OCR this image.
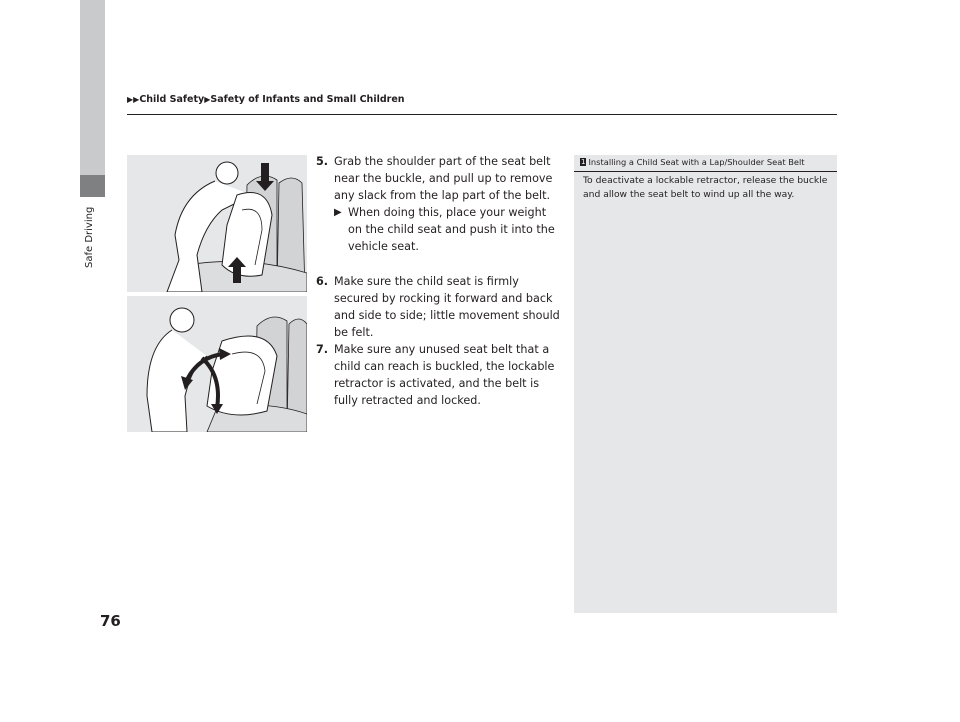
Safe Driving
▶▶Child Safety▶Safety of Infants and Small Children
5. Grab the shoulder part of the seat belt near the buckle, and pull up to remove any slack from the lap part of the belt.
▶ When doing this, place your weight on the child seat and push it into the vehicle seat.
6. Make sure the child seat is firmly secured by rocking it forward and back and side to side; little movement should be felt.
7. Make sure any unused seat belt that a child can reach is buckled, the lockable retractor is activated, and the belt is fully retracted and locked.
1 Installing a Child Seat with a Lap/Shoulder Seat Belt
To deactivate a lockable retractor, release the buckle and allow the seat belt to wind up all the way.
76
